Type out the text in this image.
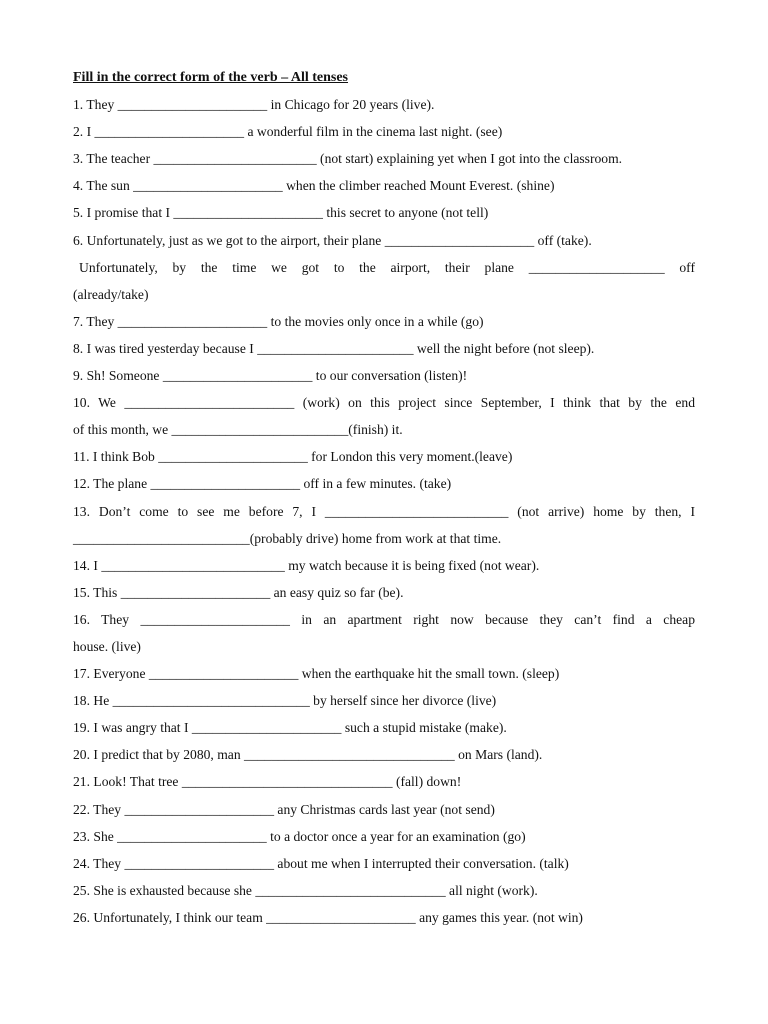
Fill in the correct form of the verb – All tenses

1. They ______________________ in Chicago for 20 years (live).

2. I ______________________ a wonderful film in the cinema last night. (see)

3. The teacher ________________________ (not start) explaining yet when I got into the classroom.

4. The sun ______________________ when the climber reached Mount Everest. (shine)

5. I promise that I ______________________ this secret to anyone (not tell)

6. Unfortunately, just as we got to the airport, their plane ______________________ off (take).

Unfortunately, by the time we got to the airport, their plane ____________________ off

(already/take)

7. They ______________________ to the movies only once in a while (go)

8. I was tired yesterday because I _______________________ well the night before (not sleep).

9. Sh! Someone ______________________ to our conversation (listen)!

10. We _________________________ (work) on this project since September, I think that by the end

of this month, we __________________________(finish) it.

11. I think Bob ______________________ for London this very moment.(leave)

12. The plane ______________________ off in a few minutes. (take)

13. Don’t come to see me before 7, I ___________________________ (not arrive) home by then, I

__________________________(probably drive) home from work at that time.

14. I ___________________________ my watch because it is being fixed (not wear).

15. This ______________________ an easy quiz so far (be).

16. They ______________________ in an apartment right now because they can’t find a cheap

house. (live)

17. Everyone ______________________ when the earthquake hit the small town. (sleep)

18. He _____________________________ by herself since her divorce (live)

19. I was angry that I ______________________ such a stupid mistake (make).

20. I predict that by 2080, man _______________________________ on Mars (land).

21. Look! That tree _______________________________ (fall) down!

22. They ______________________ any Christmas cards last year (not send)

23. She ______________________ to a doctor once a year for an examination (go)

24. They ______________________ about me when I interrupted their conversation. (talk)

25. She is exhausted because she ____________________________ all night (work).

26. Unfortunately, I think our team ______________________ any games this year. (not win)
